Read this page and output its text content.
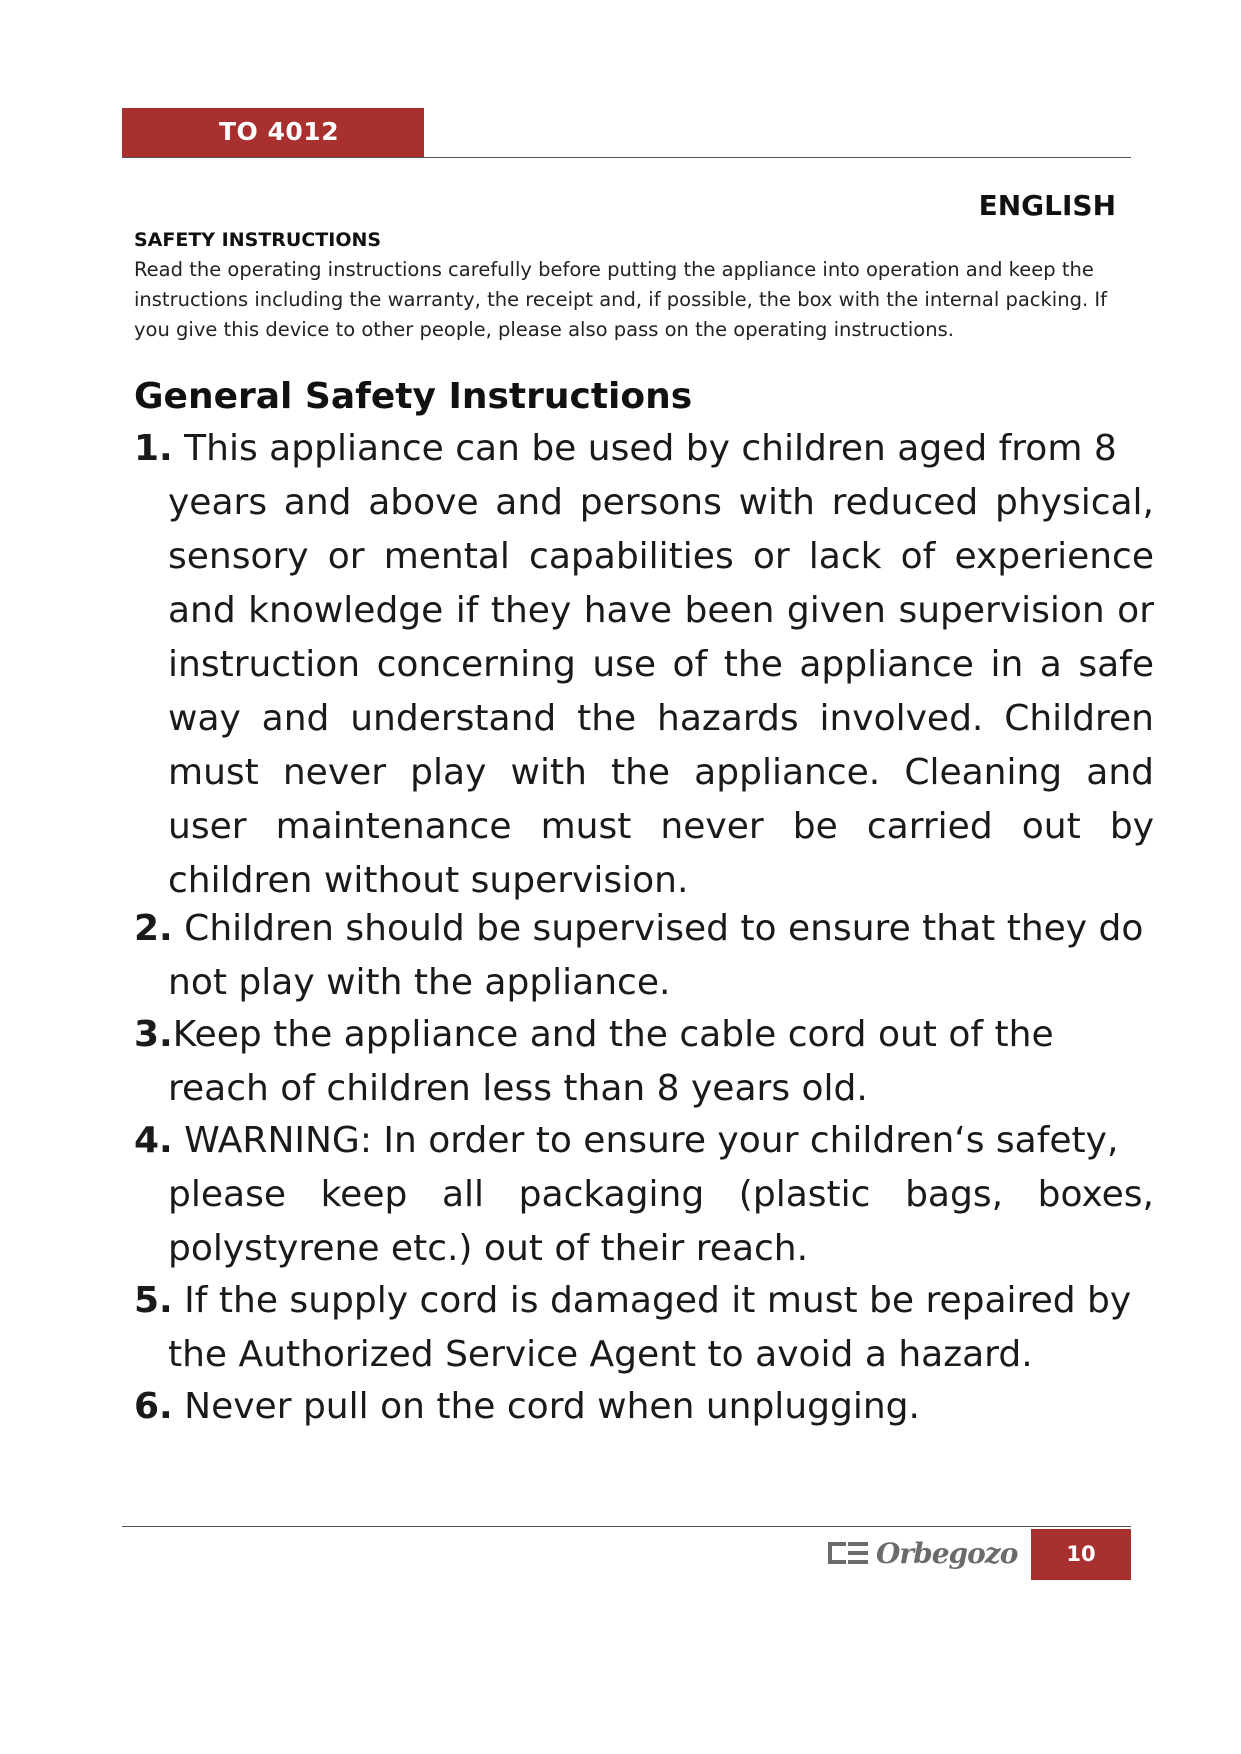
TO 4012
ENGLISH
SAFETY INSTRUCTIONS
Read the operating instructions carefully before putting the appliance into operation and keep the instructions including the warranty, the receipt and, if possible, the box with the internal packing. If you give this device to other people, please also pass on the operating instructions.
General Safety Instructions
1. This appliance can be used by children aged from 8
years and above and persons with reduced physical, sensory or mental capabilities or lack of experience and knowledge if they have been given supervision or instruction concerning use of the appliance in a safe way and understand the hazards involved. Children must never play with the appliance. Cleaning and user maintenance must never be carried out by children without supervision.
2. Children should be supervised to ensure that they do
not play with the appliance.
3.Keep the appliance and the cable cord out of the
reach of children less than 8 years old.
4. WARNING: In order to ensure your children‘s safety,
please keep all packaging (plastic bags, boxes, polystyrene etc.) out of their reach.
5. If the supply cord is damaged it must be repaired by
the Authorized Service Agent to avoid a hazard.
6. Never pull on the cord when unplugging.
Orbegozo	10
